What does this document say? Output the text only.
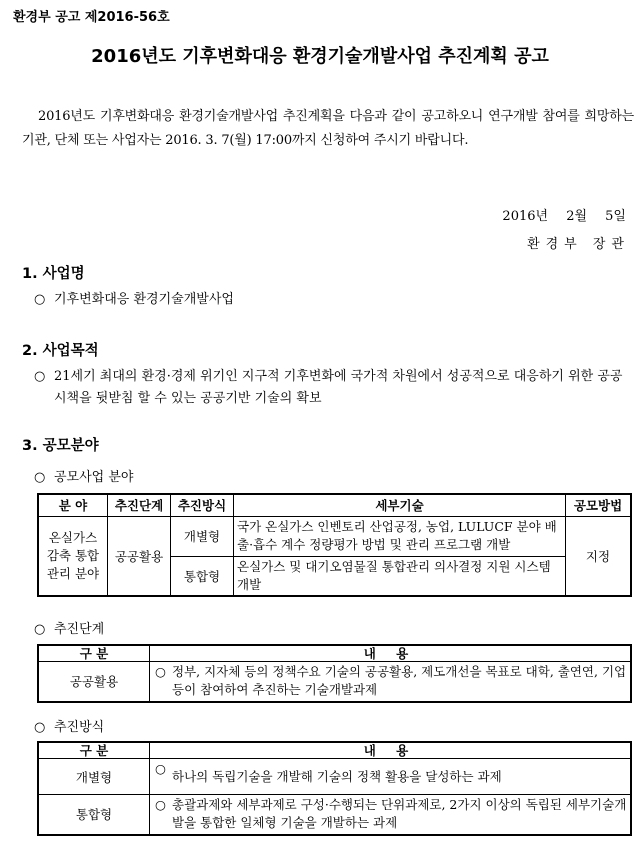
환경부 공고 제2016-56호
2016년도 기후변화대응 환경기술개발사업 추진계획 공고
2016년도 기후변화대응 환경기술개발사업 추진계획을 다음과 같이 공고하오니 연구개발 참여를 희망하는 기관, 단체 또는 사업자는 2016. 3. 7(월) 17:00까지 신청하여 주시기 바랍니다.
2016년 2월 5일
환경부 장관
1. 사업명
○ 기후변화대응 환경기술개발사업
2. 사업목적
○ 21세기 최대의 환경·경제 위기인 지구적 기후변화에 국가적 차원에서 성공적으로 대응하기 위한 공공시책을 뒷받침 할 수 있는 공공기반 기술의 확보
3. 공모분야
○ 공모사업 분야
분 야	추진단계	추진방식	세부기술	공모방법
온실가스 감축 통합 관리 분야	공공활용	개별형	국가 온실가스 인벤토리 산업공정, 농업, LULUCF 분야 배출·흡수 계수 정량평가 방법 및 관리 프로그램 개발	지정
		통합형	온실가스 및 대기오염물질 통합관리 의사결정 지원 시스템 개발	
○ 추진단계
구 분	내 용
공공활용	○ 정부, 지자체 등의 정책수요 기술의 공공활용, 제도개선을 목표로 대학, 출연연, 기업 등이 참여하여 추진하는 기술개발과제
○ 추진방식
구 분	내 용
개별형	○ 하나의 독립기술을 개발해 기술의 정책 활용을 달성하는 과제
통합형	○ 총괄과제와 세부과제로 구성·수행되는 단위과제로, 2가지 이상의 독립된 세부기술개발을 통합한 일체형 기술을 개발하는 과제
